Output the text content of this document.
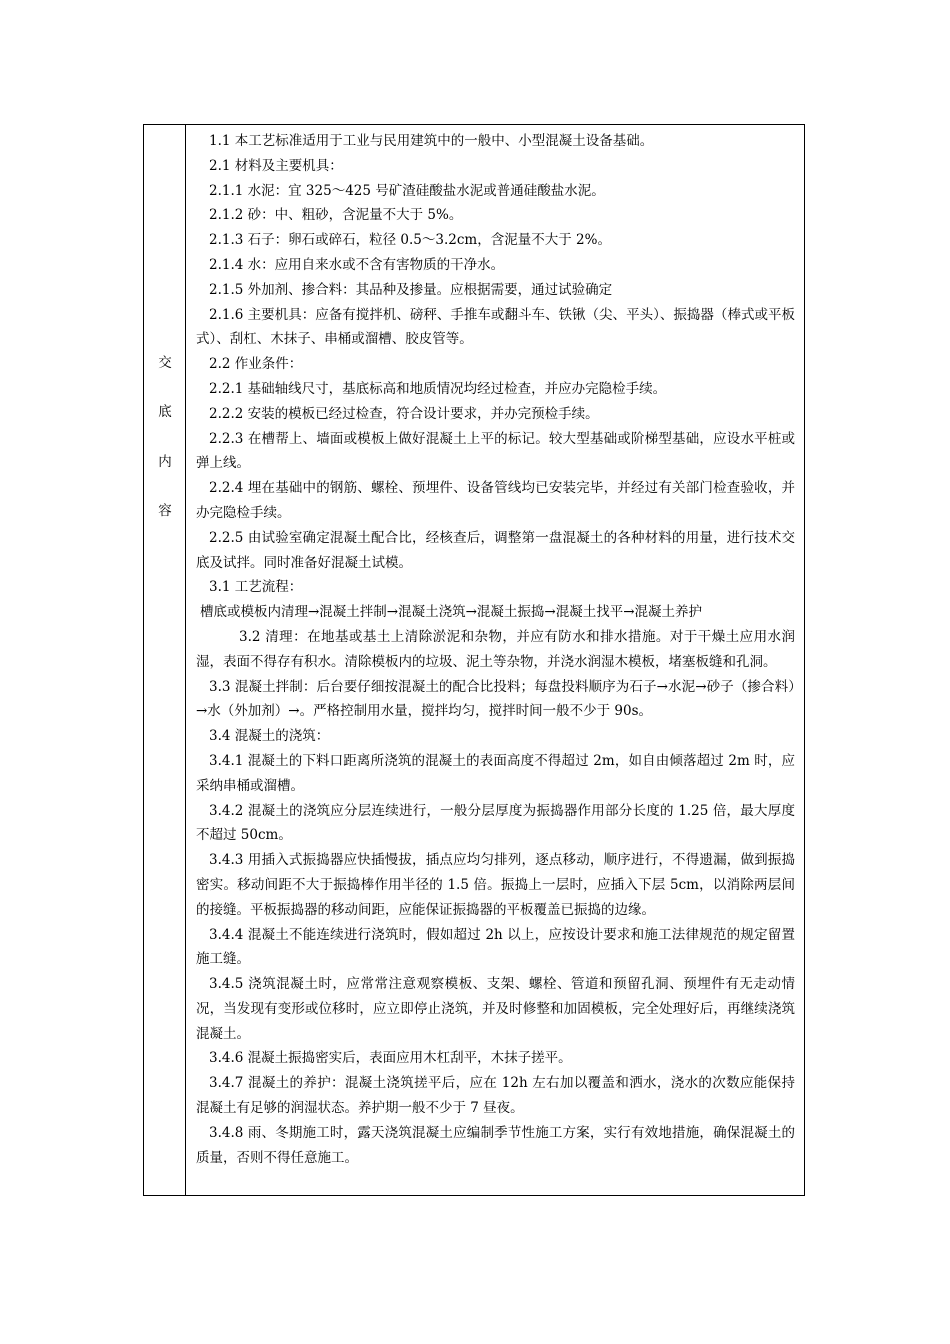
交
底
内
容

1.1 本工艺标准适用于工业与民用建筑中的一般中、小型混凝土设备基础。

2.1 材料及主要机具：

2.1.1 水泥：宜 325～425 号矿渣硅酸盐水泥或普通硅酸盐水泥。

2.1.2 砂：中、粗砂，含泥量不大于 5%。

2.1.3 石子：卵石或碎石，粒径 0.5～3.2cm，含泥量不大于 2%。

2.1.4 水：应用自来水或不含有害物质的干净水。

2.1.5 外加剂、掺合料：其品种及掺量。应根据需要，通过试验确定

2.1.6 主要机具：应备有搅拌机、磅秤、手推车或翻斗车、铁锹（尖、平头）、振捣器（棒式或平板式）、刮杠、木抹子、串桶或溜槽、胶皮管等。

2.2 作业条件：

2.2.1 基础轴线尺寸，基底标高和地质情况均经过检查，并应办完隐检手续。

2.2.2 安装的模板已经过检查，符合设计要求，并办完预检手续。

2.2.3 在槽帮上、墙面或模板上做好混凝土上平的标记。较大型基础或阶梯型基础，应设水平桩或弹上线。

2.2.4 埋在基础中的钢筋、螺栓、预埋件、设备管线均已安装完毕，并经过有关部门检查验收，并办完隐检手续。

2.2.5 由试验室确定混凝土配合比，经核查后，调整第一盘混凝土的各种材料的用量，进行技术交底及试拌。同时准备好混凝土试模。

3.1 工艺流程：

槽底或模板内清理→混凝土拌制→混凝土浇筑→混凝土振捣→混凝土找平→混凝土养护

3.2 清理：在地基或基土上清除淤泥和杂物，并应有防水和排水措施。对于干燥土应用水润湿，表面不得存有积水。清除模板内的垃圾、泥土等杂物，并浇水润湿木模板，堵塞板缝和孔洞。

3.3 混凝土拌制：后台要仔细按混凝土的配合比投料；每盘投料顺序为石子→水泥→砂子（掺合料）→水（外加剂）→。严格控制用水量，搅拌均匀，搅拌时间一般不少于 90s。

3.4 混凝土的浇筑：

3.4.1 混凝土的下料口距离所浇筑的混凝土的表面高度不得超过 2m，如自由倾落超过 2m 时，应采纳串桶或溜槽。

3.4.2 混凝土的浇筑应分层连续进行，一般分层厚度为振捣器作用部分长度的 1.25 倍，最大厚度不超过 50cm。

3.4.3 用插入式振捣器应快插慢拔，插点应均匀排列，逐点移动，顺序进行，不得遗漏，做到振捣密实。移动间距不大于振捣棒作用半径的 1.5 倍。振捣上一层时，应插入下层 5cm，以消除两层间的接缝。平板振捣器的移动间距，应能保证振捣器的平板覆盖已振捣的边缘。

3.4.4 混凝土不能连续进行浇筑时，假如超过 2h 以上，应按设计要求和施工法律规范的规定留置施工缝。

3.4.5 浇筑混凝土时，应常常注意观察模板、支架、螺栓、管道和预留孔洞、预埋件有无走动情况，当发现有变形或位移时，应立即停止浇筑，并及时修整和加固模板，完全处理好后，再继续浇筑混凝土。

3.4.6 混凝土振捣密实后，表面应用木杠刮平，木抹子搓平。

3.4.7 混凝土的养护：混凝土浇筑搓平后，应在 12h 左右加以覆盖和洒水，浇水的次数应能保持混凝土有足够的润湿状态。养护期一般不少于 7 昼夜。

3.4.8 雨、冬期施工时，露天浇筑混凝土应编制季节性施工方案，实行有效地措施，确保混凝土的质量，否则不得任意施工。
